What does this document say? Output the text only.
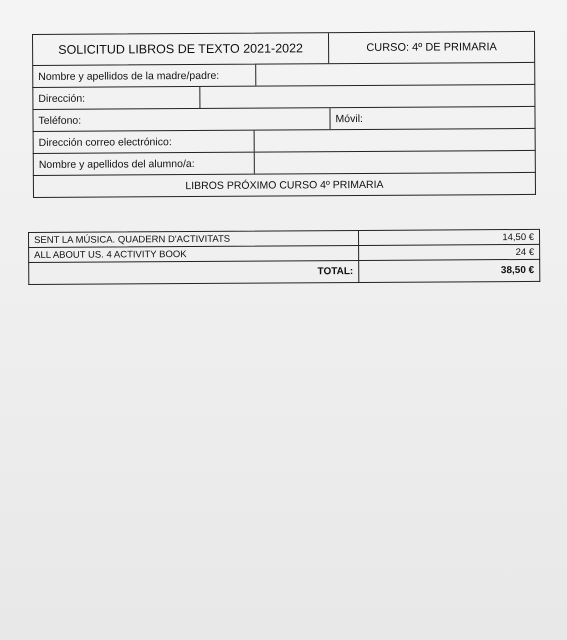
SOLICITUD LIBROS DE TEXTO 2021-2022	CURSO: 4º DE PRIMARIA
Nombre y apellidos de la madre/padre:
Dirección:
Teléfono:	Móvil:
Dirección correo electrónico:
Nombre y apellidos del alumno/a:
LIBROS PRÓXIMO CURSO 4º PRIMARIA
SENT LA MÚSICA. QUADERN D'ACTIVITATS	14,50 €
ALL ABOUT US. 4 ACTIVITY BOOK	24 €
TOTAL:	38,50 €
